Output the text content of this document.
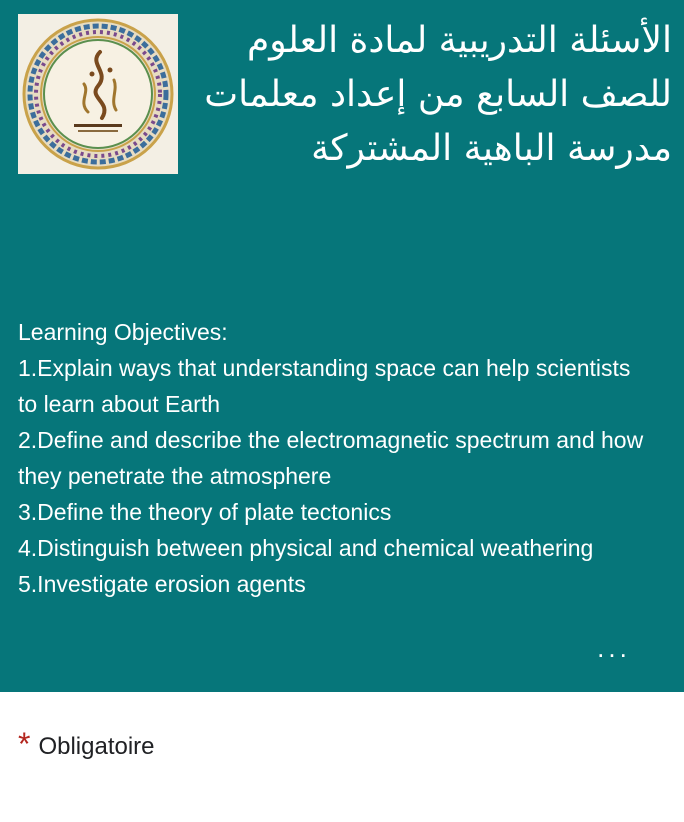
الأسئلة التدريبية لمادة العلوم
للصف السابع من إعداد معلمات
مدرسة الباهية المشتركة
Learning Objectives:
1.Explain ways that understanding space can help scientists
to learn about Earth
2.Define and describe the electromagnetic spectrum and how
they penetrate the atmosphere
3.Define the theory of plate tectonics
4.Distinguish between physical and chemical weathering
5.Investigate erosion agents
...
* Obligatoire
